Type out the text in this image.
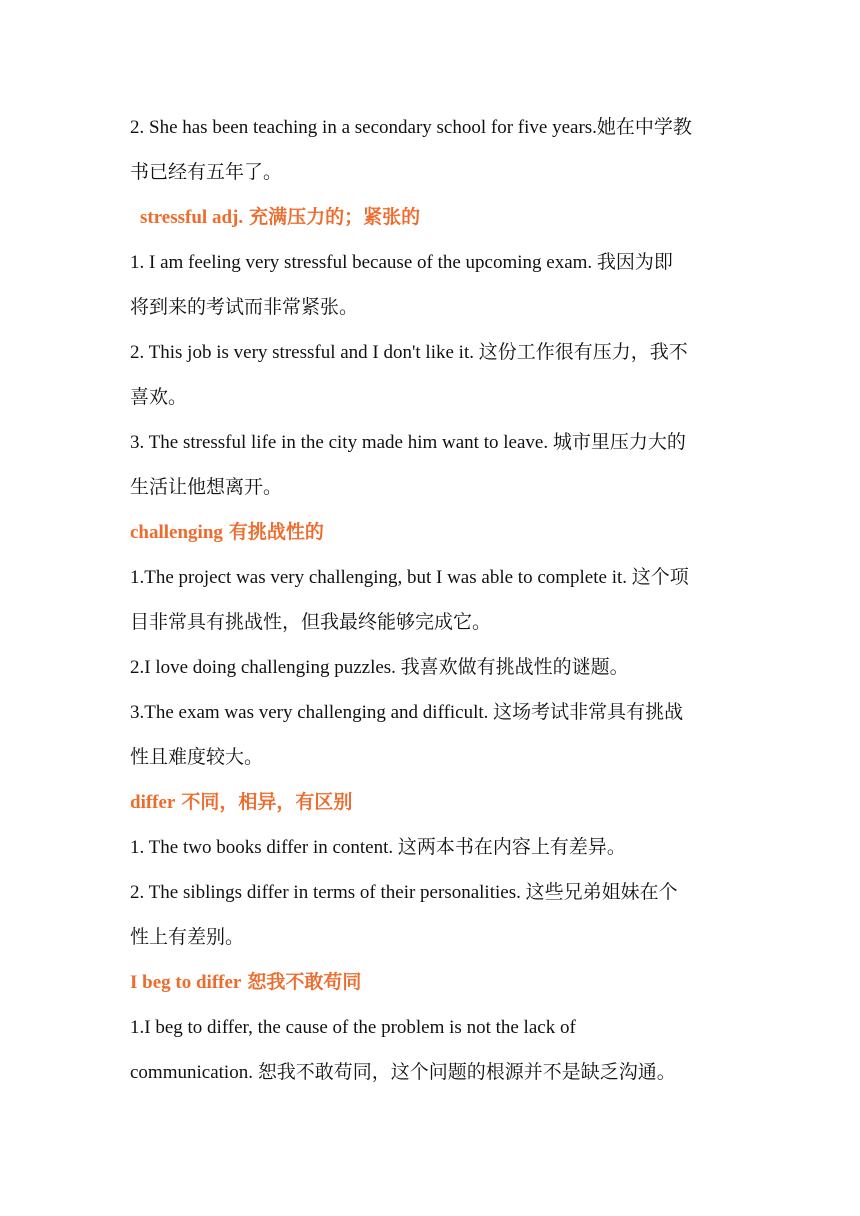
2. She has been teaching in a secondary school for five years.她在中学教
书已经有五年了。
stressful adj. 充满压力的；紧张的
1. I am feeling very stressful because of the upcoming exam. 我因为即
将到来的考试而非常紧张。
2. This job is very stressful and I don't like it. 这份工作很有压力，我不
喜欢。
3. The stressful life in the city made him want to leave. 城市里压力大的
生活让他想离开。
challenging 有挑战性的
1.The project was very challenging, but I was able to complete it. 这个项
目非常具有挑战性，但我最终能够完成它。
2.I love doing challenging puzzles. 我喜欢做有挑战性的谜题。
3.The exam was very challenging and difficult. 这场考试非常具有挑战
性且难度较大。
differ 不同，相异，有区别
1. The two books differ in content. 这两本书在内容上有差异。
2. The siblings differ in terms of their personalities. 这些兄弟姐妹在个
性上有差别。
I beg to differ 恕我不敢苟同
1.I beg to differ, the cause of the problem is not the lack of
communication. 恕我不敢苟同，这个问题的根源并不是缺乏沟通。
